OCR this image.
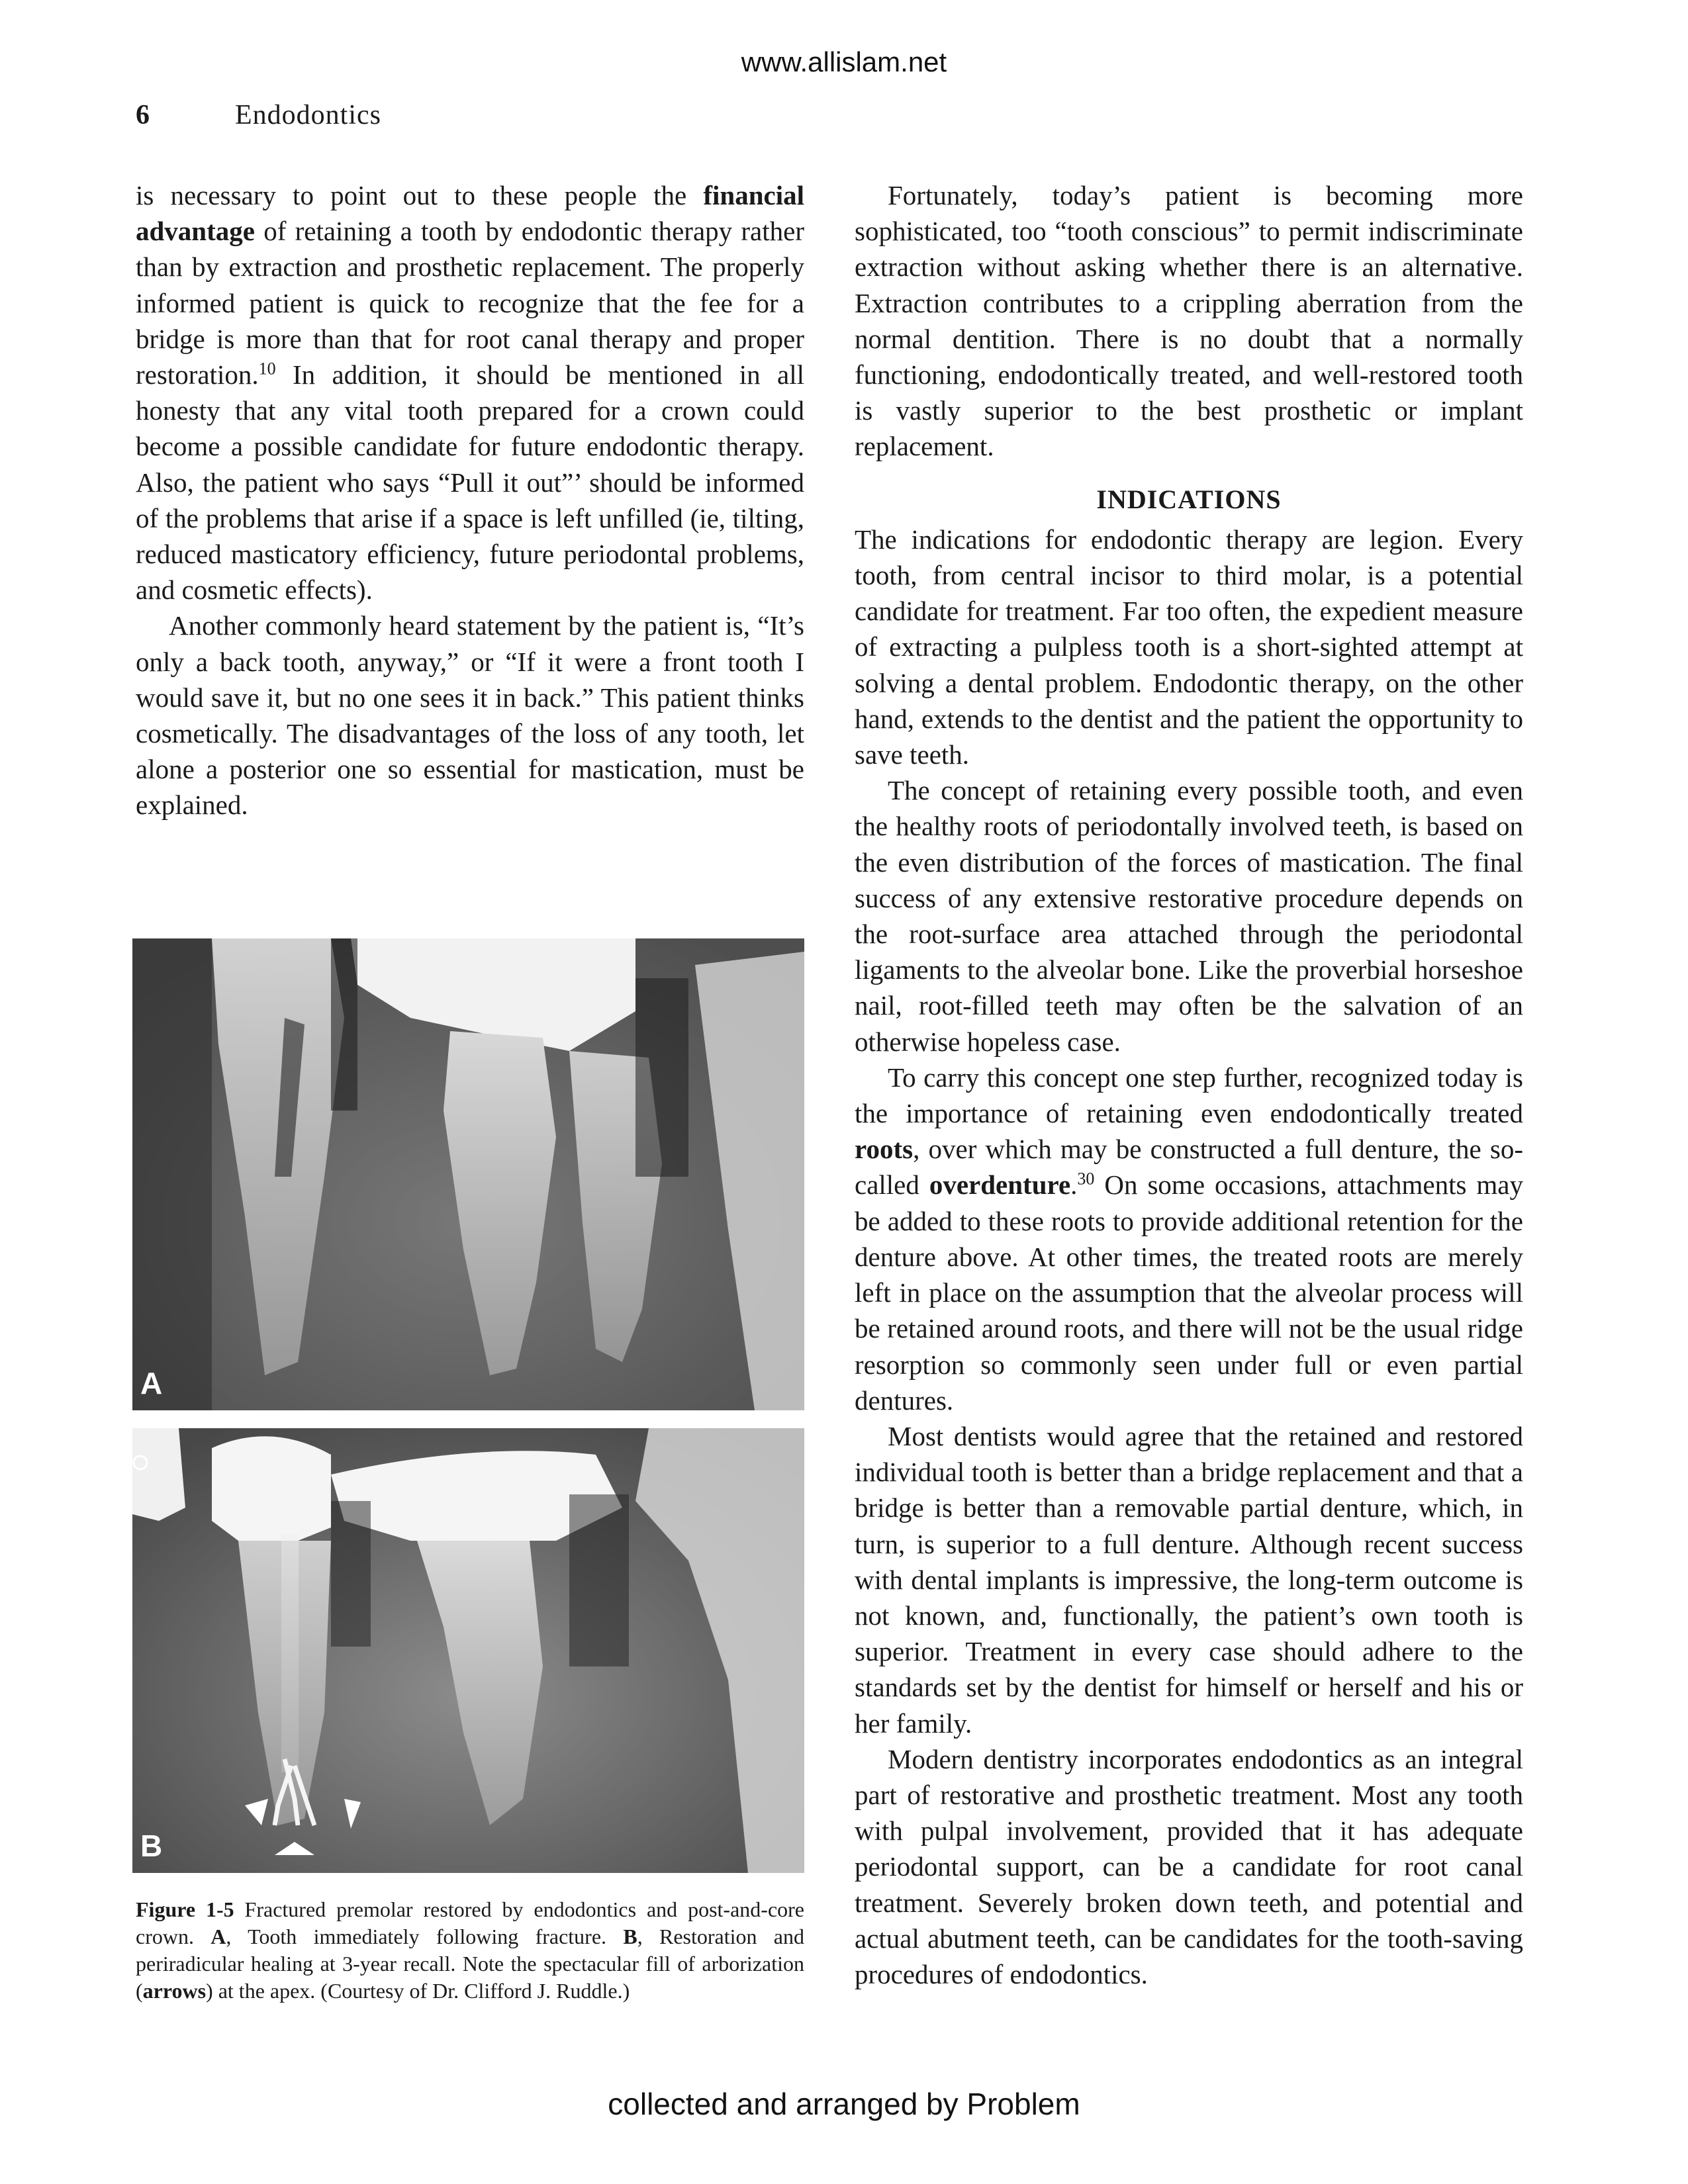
www.allislam.net
6	Endodontics

is necessary to point out to these people the financial advantage of retaining a tooth by endodontic therapy rather than by extraction and prosthetic replacement. The properly informed patient is quick to recognize that the fee for a bridge is more than that for root canal therapy and proper restoration.$^{10}$ In addition, it should be mentioned in all honesty that any vital tooth prepared for a crown could become a possible candidate for future endodontic therapy. Also, the patient who says “Pull it out”’ should be informed of the problems that arise if a space is left unfilled (ie, tilting, reduced masticatory efficiency, future periodontal problems, and cosmetic effects).

Another commonly heard statement by the patient is, “It’s only a back tooth, anyway,” or “If it were a front tooth I would save it, but no one sees it in back.” This patient thinks cosmetically. The disadvantages of the loss of any tooth, let alone a posterior one so essential for mastication, must be explained.

A
B
Figure 1-5 Fractured premolar restored by endodontics and post-and-core crown. A, Tooth immediately following fracture. B, Restoration and periradicular healing at 3-year recall. Note the spectacular fill of arborization (arrows) at the apex. (Courtesy of Dr. Clifford J. Ruddle.)

Fortunately, today’s patient is becoming more sophisticated, too “tooth conscious” to permit indiscriminate extraction without asking whether there is an alternative. Extraction contributes to a crippling aberration from the normal dentition. There is no doubt that a normally functioning, endodontically treated, and well-restored tooth is vastly superior to the best prosthetic or implant replacement.

INDICATIONS

The indications for endodontic therapy are legion. Every tooth, from central incisor to third molar, is a potential candidate for treatment. Far too often, the expedient measure of extracting a pulpless tooth is a short-sighted attempt at solving a dental problem. Endodontic therapy, on the other hand, extends to the dentist and the patient the opportunity to save teeth.

The concept of retaining every possible tooth, and even the healthy roots of periodontally involved teeth, is based on the even distribution of the forces of mastication. The final success of any extensive restorative procedure depends on the root-surface area attached through the periodontal ligaments to the alveolar bone. Like the proverbial horseshoe nail, root-filled teeth may often be the salvation of an otherwise hopeless case.

To carry this concept one step further, recognized today is the importance of retaining even endodontically treated roots, over which may be constructed a full denture, the so-called overdenture.$^{30}$ On some occasions, attachments may be added to these roots to provide additional retention for the denture above. At other times, the treated roots are merely left in place on the assumption that the alveolar process will be retained around roots, and there will not be the usual ridge resorption so commonly seen under full or even partial dentures.

Most dentists would agree that the retained and restored individual tooth is better than a bridge replacement and that a bridge is better than a removable partial denture, which, in turn, is superior to a full denture. Although recent success with dental implants is impressive, the long-term outcome is not known, and, functionally, the patient’s own tooth is superior. Treatment in every case should adhere to the standards set by the dentist for himself or herself and his or her family.

Modern dentistry incorporates endodontics as an integral part of restorative and prosthetic treatment. Most any tooth with pulpal involvement, provided that it has adequate periodontal support, can be a candidate for root canal treatment. Severely broken down teeth, and potential and actual abutment teeth, can be candidates for the tooth-saving procedures of endodontics.

collected and arranged by Problem
